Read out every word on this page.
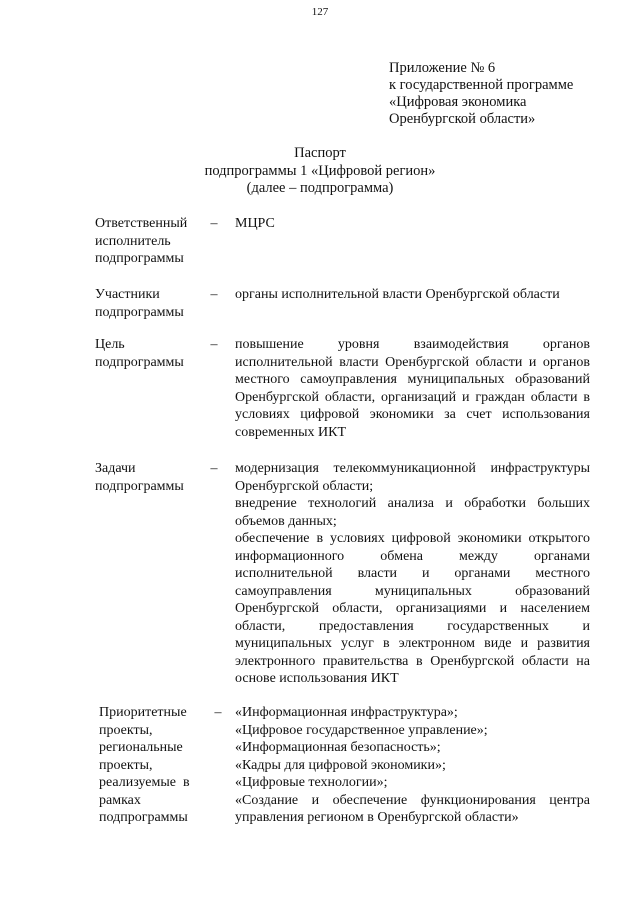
127
Приложение № 6
к государственной программе
«Цифровая экономика
Оренбургской области»
Паспорт
подпрограммы 1 «Цифровой регион»
(далее – подпрограмма)
Ответственный
исполнитель
подпрограммы
– МЦРС

Участники
подпрограммы
– органы исполнительной власти Оренбургской области

Цель
подпрограммы
– повышение уровня взаимодействия органов исполнительной власти Оренбургской области и органов местного самоуправления муниципальных образований Оренбургской области, организаций и граждан области в условиях цифровой экономики за счет использования современных ИКТ

Задачи
подпрограммы
– модернизация телекоммуникационной инфраструктуры Оренбургской области;

внедрение технологий анализа и обработки больших объемов данных;

обеспечение в условиях цифровой экономики открытого информационного обмена между органами исполнительной власти и органами местного самоуправления муниципальных образований Оренбургской области, организациями и населением области, предоставления государственных и муниципальных услуг в электронном виде и развития электронного правительства в Оренбургской области на основе использования ИКТ

Приоритетные
проекты,
региональные
проекты,
реализуемые  в
рамках
подпрограммы
– «Информационная инфраструктура»;
«Цифровое государственное управление»;
«Информационная безопасность»;
«Кадры для цифровой экономики»;
«Цифровые технологии»;

«Создание и обеспечение функционирования центра управления регионом в Оренбургской области»
